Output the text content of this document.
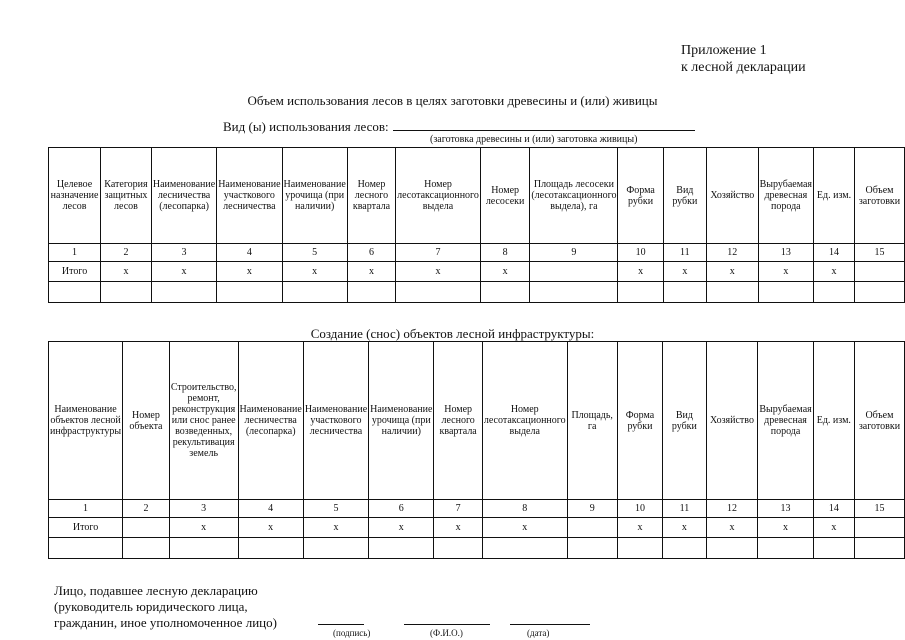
Приложение 1
к лесной декларации
Объем использования лесов в целях заготовки древесины и (или) живицы
Вид (ы) использования лесов:
(заготовка древесины и (или) заготовка живицы)
Целевое назначение лесов	Категория защитных лесов	Наименование лесничества (лесопарка)	Наименование участкового лесничества	Наименование урочища (при наличии)	Номер лесного квартала	Номер лесотаксационного выдела	Номер лесосеки	Площадь лесосеки (лесотаксационного выдела), га	Форма рубки	Вид рубки	Хозяйство	Вырубаемая древесная порода	Ед. изм.	Объем заготовки
1	2	3	4	5	6	7	8	9	10	11	12	13	14	15
Итого	x	x	x	x	x	x	x		x	x	x	x	x	

Создание (снос) объектов лесной инфраструктуры:
Наименование объектов лесной инфраструктуры	Номер объекта	Строительство, ремонт, реконструкция или снос ранее возведенных, рекультивация земель	Наименование лесничества (лесопарка)	Наименование участкового лесничества	Наименование урочища (при наличии)	Номер лесного квартала	Номер лесотаксационного выдела	Площадь, га	Форма рубки	Вид рубки	Хозяйство	Вырубаемая древесная порода	Ед. изм.	Объем заготовки
1	2	3	4	5	6	7	8	9	10	11	12	13	14	15
Итого		x	x	x	x	x	x		x	x	x	x	x	

Лицо, подавшее лесную декларацию
(руководитель юридического лица,
гражданин, иное уполномоченное лицо)
(подпись)	(Ф.И.О.)	(дата)
